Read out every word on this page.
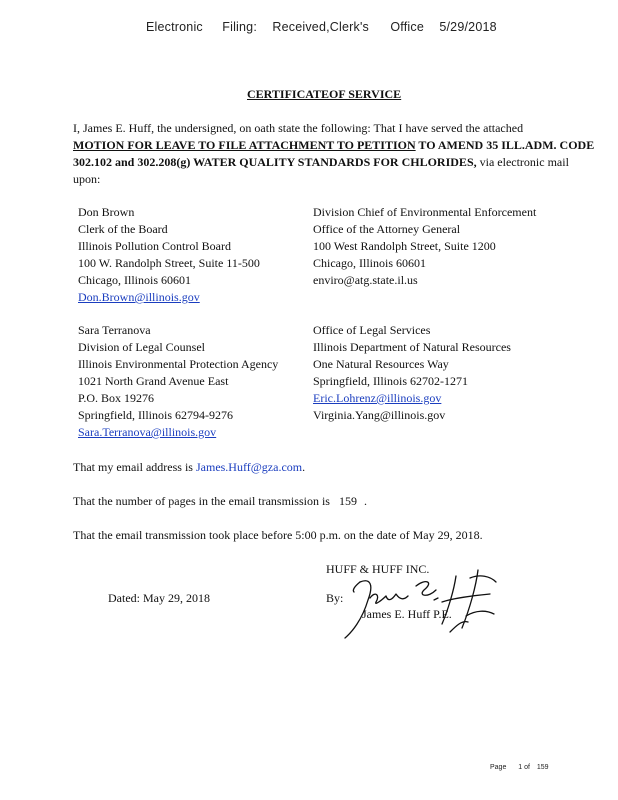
Electronic Filing: Received,Clerk's Office 5/29/2018
CERTIFICATEOF SERVICE
I, James E. Huff, the undersigned, on oath state the following: That I have served the attached
MOTION FOR LEAVE TO FILE ATTACHMENT TO PETITION TO AMEND 35 ILL.ADM. CODE
302.102 and 302.208(g) WATER QUALITY STANDARDS FOR CHLORIDES, via electronic mail
upon:
Don Brown
Clerk of the Board
Illinois Pollution Control Board
100 W. Randolph Street, Suite 11-500
Chicago, Illinois 60601
Don.Brown@illinois.gov
Division Chief of Environmental Enforcement
Office of the Attorney General
100 West Randolph Street, Suite 1200
Chicago, Illinois 60601
enviro@atg.state.il.us
Sara Terranova
Division of Legal Counsel
Illinois Environmental Protection Agency
1021 North Grand Avenue East
P.O. Box 19276
Springfield, Illinois 62794-9276
Sara.Terranova@illinois.gov
Office of Legal Services
Illinois Department of Natural Resources
One Natural Resources Way
Springfield, Illinois 62702-1271
Eric.Lohrenz@illinois.gov
Virginia.Yang@illinois.gov
That my email address is James.Huff@gza.com.
That the number of pages in the email transmission is 159 .
That the email transmission took place before 5:00 p.m. on the date of May 29, 2018.
HUFF & HUFF INC.
Dated: May 29, 2018	By:
James E. Huff P.E.
Page 1 of 159
